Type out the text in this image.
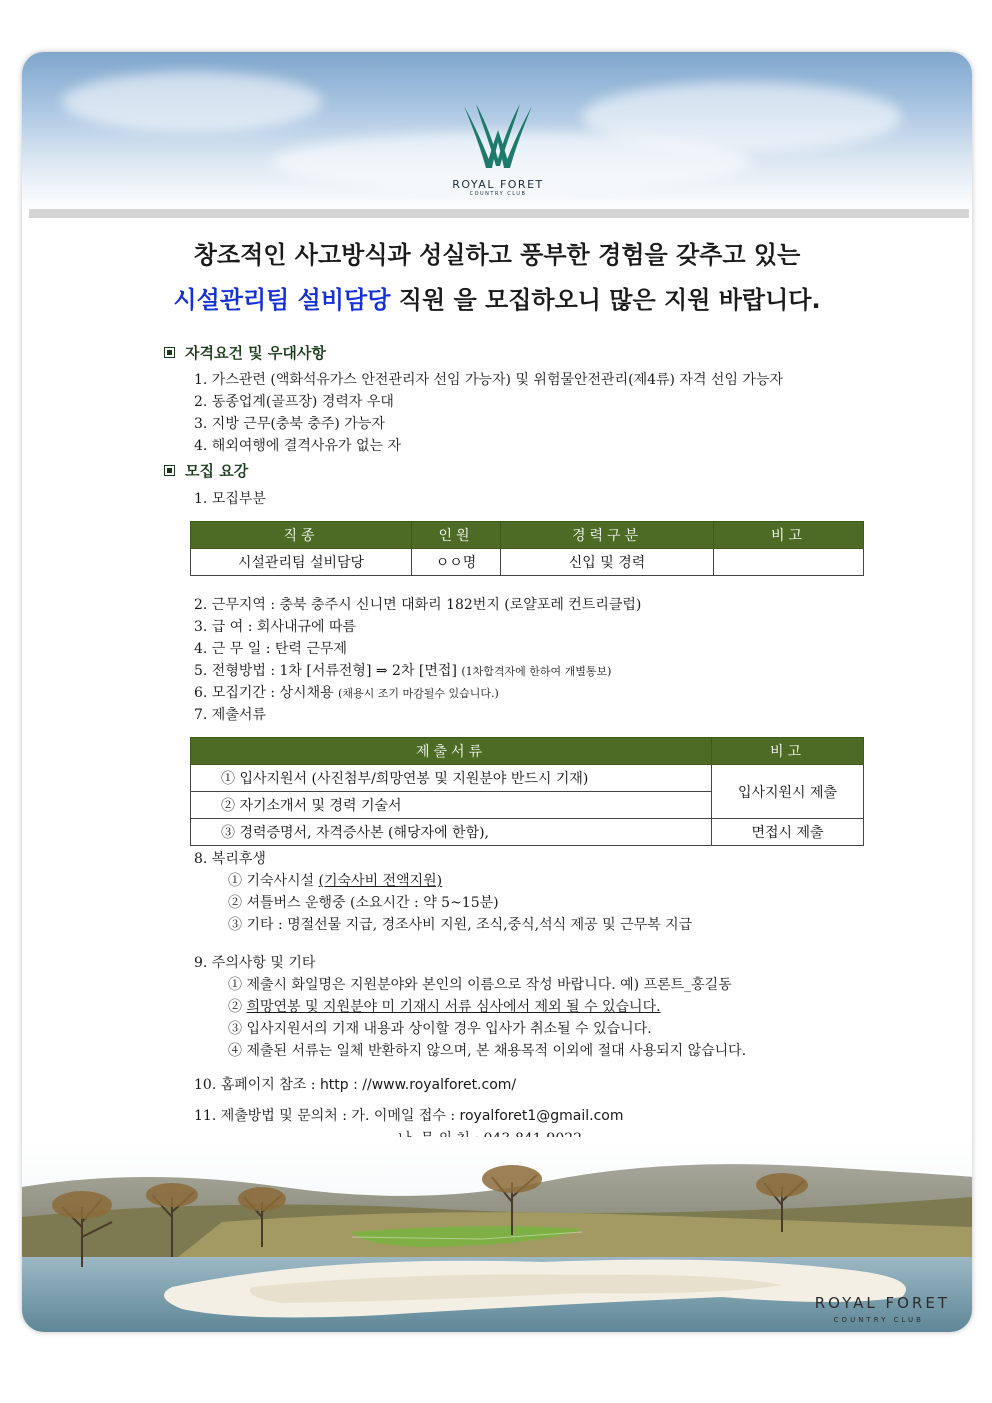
ROYAL FORET
COUNTRY CLUB
창조적인 사고방식과 성실하고 풍부한 경험을 갖추고 있는
시설관리팀 설비담당 직원 을 모집하오니 많은 지원 바랍니다.
자격요건 및 우대사항
1. 가스관련 (액화석유가스 안전관리자 선임 가능자) 및 위험물안전관리(제4류) 자격 선임 가능자
2. 동종업계(골프장) 경력자 우대
3. 지방 근무(충북 충주) 가능자
4. 해외여행에 결격사유가 없는 자
모집 요강
1. 모집부분
직종	인원	경력구분	비고
시설관리팀 설비담당	ㅇㅇ명	신입 및 경력	
2. 근무지역 : 충북 충주시 신니면 대화리 182번지 (로얄포레 컨트리클럽)
3. 급 여 : 회사내규에 따름
4. 근 무 일 : 탄력 근무제
5. 전형방법 : 1차 [서류전형] ⇒ 2차 [면접] (1차합격자에 한하여 개별통보)
6. 모집기간 : 상시채용 (채용시 조기 마감될수 있습니다.)
7. 제출서류
제출서류	비고
① 입사지원서 (사진첨부/희망연봉 및 지원분야 반드시 기재)	입사지원시 제출
② 자기소개서 및 경력 기술서	
③ 경력증명서, 자격증사본 (해당자에 한함),	면접시 제출
8. 복리후생
① 기숙사시설 (기숙사비 전액지원)
② 셔틀버스 운행중 (소요시간 : 약 5~15분)
③ 기타 : 명절선물 지급, 경조사비 지원, 조식,중식,석식 제공 및 근무복 지급
9. 주의사항 및 기타
① 제출시 화일명은 지원분야와 본인의 이름으로 작성 바랍니다. 예) 프론트_홍길동
② 희망연봉 및 지원분야 미 기재시 서류 심사에서 제외 될 수 있습니다.
③ 입사지원서의 기재 내용과 상이할 경우 입사가 취소될 수 있습니다.
④ 제출된 서류는 일체 반환하지 않으며, 본 채용목적 이외에 절대 사용되지 않습니다.
10. 홈페이지 참조 : http : //www.royalforet.com/
11. 제출방법 및 문의처 : 가. 이메일 접수 : royalforet1@gmail.com
ROYAL FORET
COUNTRY CLUB
